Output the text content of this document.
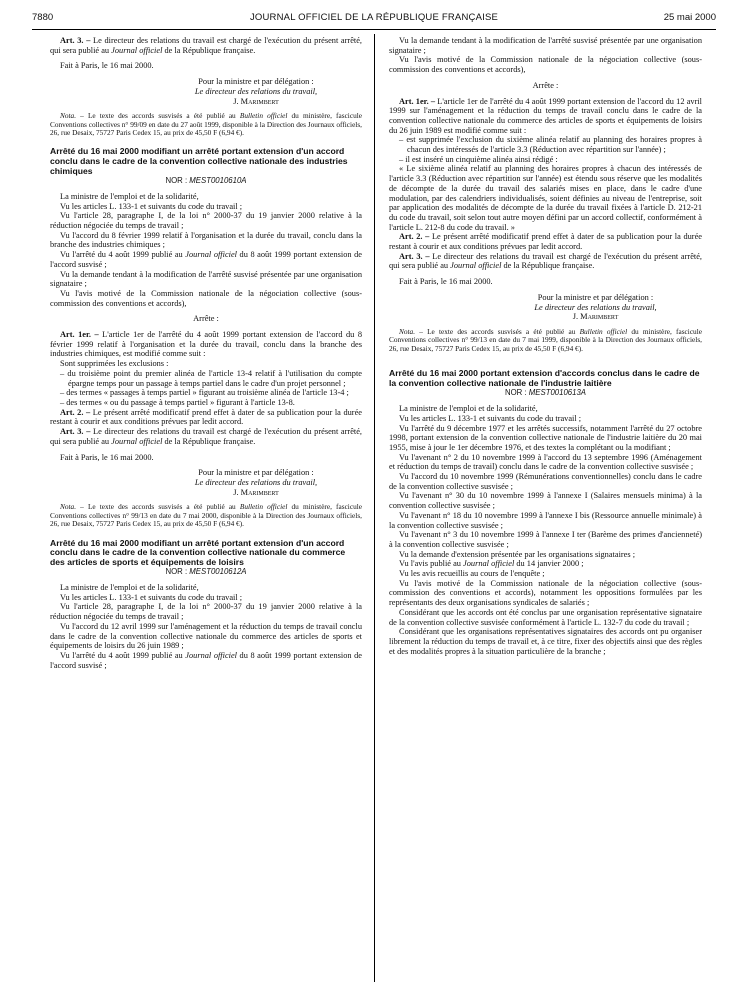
7880	JOURNAL OFFICIEL DE LA RÉPUBLIQUE FRANÇAISE	25 mai 2000

Art. 3. – Le directeur des relations du travail est chargé de l'exécution du présent arrêté, qui sera publié au Journal officiel de la République française.

Fait à Paris, le 16 mai 2000.

Pour la ministre et par délégation :

Le directeur des relations du travail,

J. Marimbert

Nota. – Le texte des accords susvisés a été publié au Bulletin officiel du ministère, fascicule Conventions collectives n° 99/09 en date du 27 août 1999, disponible à la Direction des Journaux officiels, 26, rue Desaix, 75727 Paris Cedex 15, au prix de 45,50 F (6,94 €).

Arrêté du 16 mai 2000 modifiant un arrêté portant extension d'un accord conclu dans le cadre de la convention collective nationale des industries chimiques

NOR : MEST0010610A

La ministre de l'emploi et de la solidarité,

Vu les articles L. 133-1 et suivants du code du travail ;

Vu l'article 28, paragraphe I, de la loi n° 2000-37 du 19 janvier 2000 relative à la réduction négociée du temps de travail ;

Vu l'accord du 8 février 1999 relatif à l'organisation et la durée du travail, conclu dans la branche des industries chimiques ;

Vu l'arrêté du 4 août 1999 publié au Journal officiel du 8 août 1999 portant extension de l'accord susvisé ;

Vu la demande tendant à la modification de l'arrêté susvisé présentée par une organisation signataire ;

Vu l'avis motivé de la Commission nationale de la négociation collective (sous-commission des conventions et accords),

Arrête :

Art. 1er. – L'article 1er de l'arrêté du 4 août 1999 portant extension de l'accord du 8 février 1999 relatif à l'organisation et la durée du travail, conclu dans la branche des industries chimiques, est modifié comme suit :

Sont supprimées les exclusions :

– du troisième point du premier alinéa de l'article 13-4 relatif à l'utilisation du compte épargne temps pour un passage à temps partiel dans le cadre d'un projet personnel ;

– des termes « passages à temps partiel » figurant au troisième alinéa de l'article 13-4 ;

– des termes « ou du passage à temps partiel » figurant à l'article 13-8.

Art. 2. – Le présent arrêté modificatif prend effet à dater de sa publication pour la durée restant à courir et aux conditions prévues par ledit accord.

Art. 3. – Le directeur des relations du travail est chargé de l'exécution du présent arrêté, qui sera publié au Journal officiel de la République française.

Fait à Paris, le 16 mai 2000.

Pour la ministre et par délégation :

Le directeur des relations du travail,

J. Marimbert

Nota. – Le texte des accords susvisés a été publié au Bulletin officiel du ministère, fascicule Conventions collectives n° 99/13 en date du 7 mai 2000, disponible à la Direction des Journaux officiels, 26, rue Desaix, 75727 Paris Cedex 15, au prix de 45,50 F (6,94 €).

Arrêté du 16 mai 2000 modifiant un arrêté portant extension d'un accord conclu dans le cadre de la convention collective nationale du commerce des articles de sports et équipements de loisirs

NOR : MEST0010612A

La ministre de l'emploi et de la solidarité,

Vu les articles L. 133-1 et suivants du code du travail ;

Vu l'article 28, paragraphe I, de la loi n° 2000-37 du 19 janvier 2000 relative à la réduction négociée du temps de travail ;

Vu l'accord du 12 avril 1999 sur l'aménagement et la réduction du temps de travail conclu dans le cadre de la convention collective nationale du commerce des articles de sports et équipements de loisirs du 26 juin 1989 ;

Vu l'arrêté du 4 août 1999 publié au Journal officiel du 8 août 1999 portant extension de l'accord susvisé ;

Vu la demande tendant à la modification de l'arrêté susvisé présentée par une organisation signataire ;

Vu l'avis motivé de la Commission nationale de la négociation collective (sous-commission des conventions et accords),

Arrête :

Art. 1er. – L'article 1er de l'arrêté du 4 août 1999 portant extension de l'accord du 12 avril 1999 sur l'aménagement et la réduction du temps de travail conclu dans le cadre de la convention collective nationale du commerce des articles de sports et équipements de loisirs du 26 juin 1989 est modifié comme suit :

– est supprimée l'exclusion du sixième alinéa relatif au planning des horaires propres à chacun des intéressés de l'article 3.3 (Réduction avec répartition sur l'année) ;

– il est inséré un cinquième alinéa ainsi rédigé :

« Le sixième alinéa relatif au planning des horaires propres à chacun des intéressés de l'article 3.3 (Réduction avec répartition sur l'année) est étendu sous réserve que les modalités de décompte de la durée du travail des salariés mises en place, dans le cadre d'une modulation, par des calendriers individualisés, soient définies au niveau de l'entreprise, soit par application des modalités de décompte de la durée du travail fixées à l'article D. 212-21 du code du travail, soit selon tout autre moyen défini par un accord collectif, conformément à l'article L. 212-8 du code du travail. »

Art. 2. – Le présent arrêté modificatif prend effet à dater de sa publication pour la durée restant à courir et aux conditions prévues par ledit accord.

Art. 3. – Le directeur des relations du travail est chargé de l'exécution du présent arrêté, qui sera publié au Journal officiel de la République française.

Fait à Paris, le 16 mai 2000.

Pour la ministre et par délégation :

Le directeur des relations du travail,

J. Marimbert

Nota. – Le texte des accords susvisés a été publié au Bulletin officiel du ministère, fascicule Conventions collectives n° 99/13 en date du 7 mai 1999, disponible à la Direction des Journaux officiels, 26, rue Desaix, 75727 Paris Cedex 15, au prix de 45,50 F (6,94 €).

Arrêté du 16 mai 2000 portant extension d'accords conclus dans le cadre de la convention collective nationale de l'industrie laitière

NOR : MEST0010613A

La ministre de l'emploi et de la solidarité,

Vu les articles L. 133-1 et suivants du code du travail ;

Vu l'arrêté du 9 décembre 1977 et les arrêtés successifs, notamment l'arrêté du 27 octobre 1998, portant extension de la convention collective nationale de l'industrie laitière du 20 mai 1955, mise à jour le 1er décembre 1976, et des textes la complétant ou la modifiant ;

Vu l'avenant n° 2 du 10 novembre 1999 à l'accord du 13 septembre 1996 (Aménagement et réduction du temps de travail) conclu dans le cadre de la convention collective susvisée ;

Vu l'accord du 10 novembre 1999 (Rémunérations conventionnelles) conclu dans le cadre de la convention collective susvisée ;

Vu l'avenant n° 30 du 10 novembre 1999 à l'annexe I (Salaires mensuels minima) à la convention collective susvisée ;

Vu l'avenant n° 18 du 10 novembre 1999 à l'annexe I bis (Ressource annuelle minimale) à la convention collective susvisée ;

Vu l'avenant n° 3 du 10 novembre 1999 à l'annexe I ter (Barème des primes d'ancienneté) à la convention collective susvisée ;

Vu la demande d'extension présentée par les organisations signataires ;

Vu l'avis publié au Journal officiel du 14 janvier 2000 ;

Vu les avis recueillis au cours de l'enquête ;

Vu l'avis motivé de la Commission nationale de la négociation collective (sous-commission des conventions et accords), notamment les oppositions formulées par les représentants des deux organisations syndicales de salariés ;

Considérant que les accords ont été conclus par une organisation représentative signataire de la convention collective susvisée conformément à l'article L. 132-7 du code du travail ;

Considérant que les organisations représentatives signataires des accords ont pu organiser librement la réduction du temps de travail et, à ce titre, fixer des objectifs ainsi que des règles et des modalités propres à la situation particulière de la branche ;
